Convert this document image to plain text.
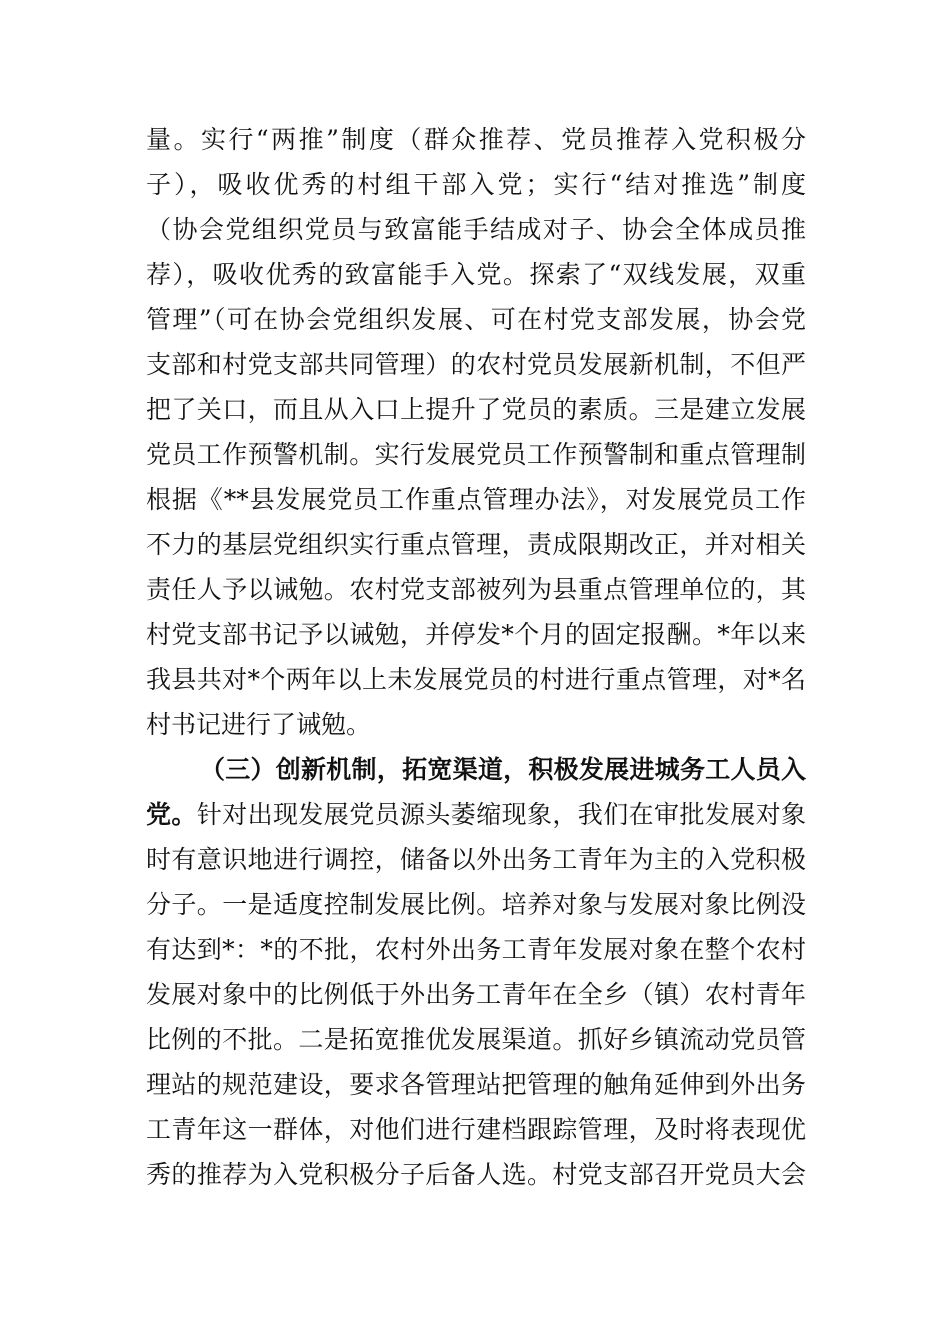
量。实行“两推”制度（群众推荐、党员推荐入党积极分
子），吸收优秀的村组干部入党；实行“结对推选”制度
（协会党组织党员与致富能手结成对子、协会全体成员推
荐），吸收优秀的致富能手入党。探索了“双线发展，双重
管理”（可在协会党组织发展、可在村党支部发展，协会党
支部和村党支部共同管理）的农村党员发展新机制，不但严
把了关口，而且从入口上提升了党员的素质。三是建立发展
党员工作预警机制。实行发展党员工作预警制和重点管理制
根据《**县发展党员工作重点管理办法》，对发展党员工作
不力的基层党组织实行重点管理，责成限期改正，并对相关
责任人予以诫勉。农村党支部被列为县重点管理单位的，其
村党支部书记予以诫勉，并停发*个月的固定报酬。*年以来
我县共对*个两年以上未发展党员的村进行重点管理，对*名
村书记进行了诫勉。
（三）创新机制，拓宽渠道，积极发展进城务工人员入
党。针对出现发展党员源头萎缩现象，我们在审批发展对象
时有意识地进行调控，储备以外出务工青年为主的入党积极
分子。一是适度控制发展比例。培养对象与发展对象比例没
有达到*：*的不批，农村外出务工青年发展对象在整个农村
发展对象中的比例低于外出务工青年在全乡（镇）农村青年
比例的不批。二是拓宽推优发展渠道。抓好乡镇流动党员管
理站的规范建设，要求各管理站把管理的触角延伸到外出务
工青年这一群体，对他们进行建档跟踪管理，及时将表现优
秀的推荐为入党积极分子后备人选。村党支部召开党员大会
